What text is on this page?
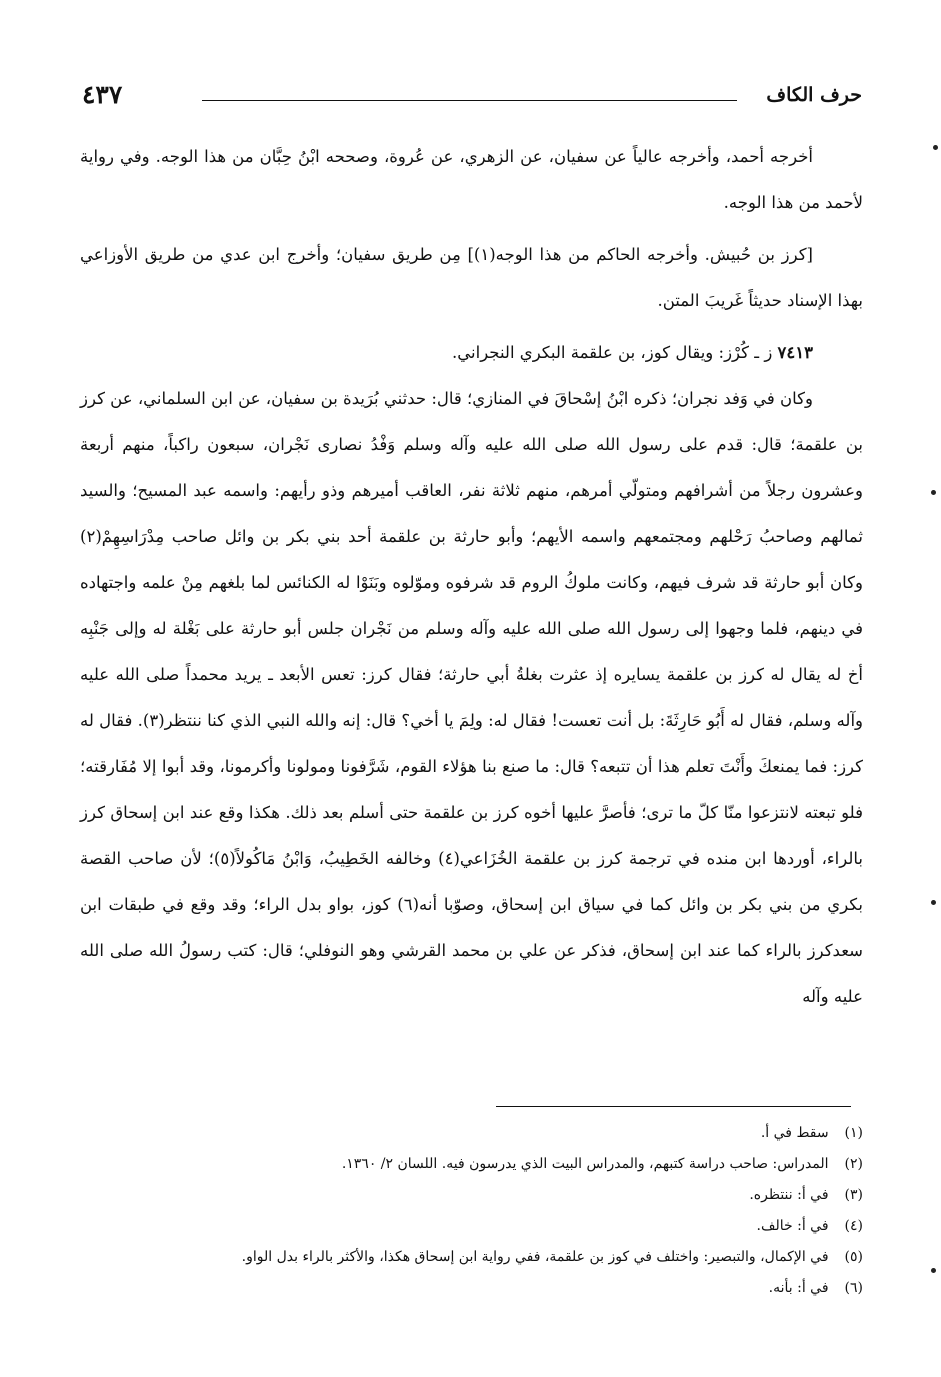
حرف الكاف
٤٣٧

أخرجه أحمد، وأخرجه عالياً عن سفيان، عن الزهري، عن عُروة، وصححه ابْنُ حِبَّان من هذا الوجه. وفي رواية لأحمد من هذا الوجه.

[كرز بن حُبيش. وأخرجه الحاكم من هذا الوجه(١)] مِن طريق سفيان؛ وأخرج ابن عدي من طريق الأوزاعي بهذا الإسناد حديثاً غَريبَ المتن.

٧٤١٣ ز ـ كُرْز: ويقال كوز، بن علقمة البكري النجراني.

وكان في وَفد نجران؛ ذكره ابْنُ إسْحاقَ في المنازي؛ قال: حدثني بُرَيدة بن سفيان، عن ابن السلماني، عن كرز بن علقمة؛ قال: قدم على رسول الله صلى الله عليه وآله وسلم وَفْدُ نصارى نَجْران، سبعون راكباً، منهم أربعة وعشرون رجلاً من أشرافهم ومتولّي أمرهم، منهم ثلاثة نفر، العاقب أميرهم وذو رأيهم: واسمه عبد المسيح؛ والسيد ثمالهم وصاحبُ رَحْلهم ومجتمعهم واسمه الأيهم؛ وأبو حارثة بن علقمة أحد بني بكر بن وائل صاحب مِدْرَاسِهِمْ(٢) وكان أبو حارثة قد شرف فيهم، وكانت ملوكُ الروم قد شرفوه وموّلوه وبَنَوْا له الكنائس لما بلغهم مِنْ علمه واجتهاده في دينهم، فلما وجهوا إلى رسول الله صلى الله عليه وآله وسلم من نَجْران جلس أبو حارثة على بَغْلة له وإلى جَنْبِه أخ له يقال له كرز بن علقمة يسايره إذ عثرت بغلةُ أبي حارثة؛ فقال كرز: تعس الأبعد ـ يريد محمداً صلى الله عليه وآله وسلم، فقال له أَبُو حَارِثَةَ: بل أنت تعست! فقال له: ولِمَ يا أخي؟ قال: إنه والله النبي الذي كنا ننتظر(٣). فقال له كرز: فما يمنعكَ وأَنْتَ تعلم هذا أن تتبعه؟ قال: ما صنع بنا هؤلاء القوم، شَرَّفونا ومولونا وأكرمونا، وقد أبوا إلا مُفَارقته؛ فلو تبعته لانتزعوا منّا كلّ ما ترى؛ فأصرَّ عليها أخوه كرز بن علقمة حتى أسلم بعد ذلك. هكذا وقع عند ابن إسحاق كرز بالراء، أوردها ابن منده في ترجمة كرز بن علقمة الخُزَاعي(٤) وخالفه الخَطِيبُ، وَابْنُ مَاكُولاً(٥)؛ لأن صاحب القصة بكري من بني بكر بن وائل كما في سياق ابن إسحاق، وصوّبا أنه(٦) كوز، بواو بدل الراء؛ وقد وقع في طبقات ابن سعدكرز بالراء كما عند ابن إسحاق، فذكر عن علي بن محمد القرشي وهو النوفلي؛ قال: كتب رسولُ الله صلى الله عليه وآله

(١) سقط في أ.

(٢) المدراس: صاحب دراسة كتبهم، والمدراس البيت الذي يدرسون فيه. اللسان ٢/ ١٣٦٠.

(٣) في أ: ننتظره.

(٤) في أ: خالف.

(٥) في الإكمال، والتبصير: واختلف في كوز بن علقمة، ففي رواية ابن إسحاق هكذا، والأكثر بالراء بدل الواو.

(٦) في أ: بأنه.
